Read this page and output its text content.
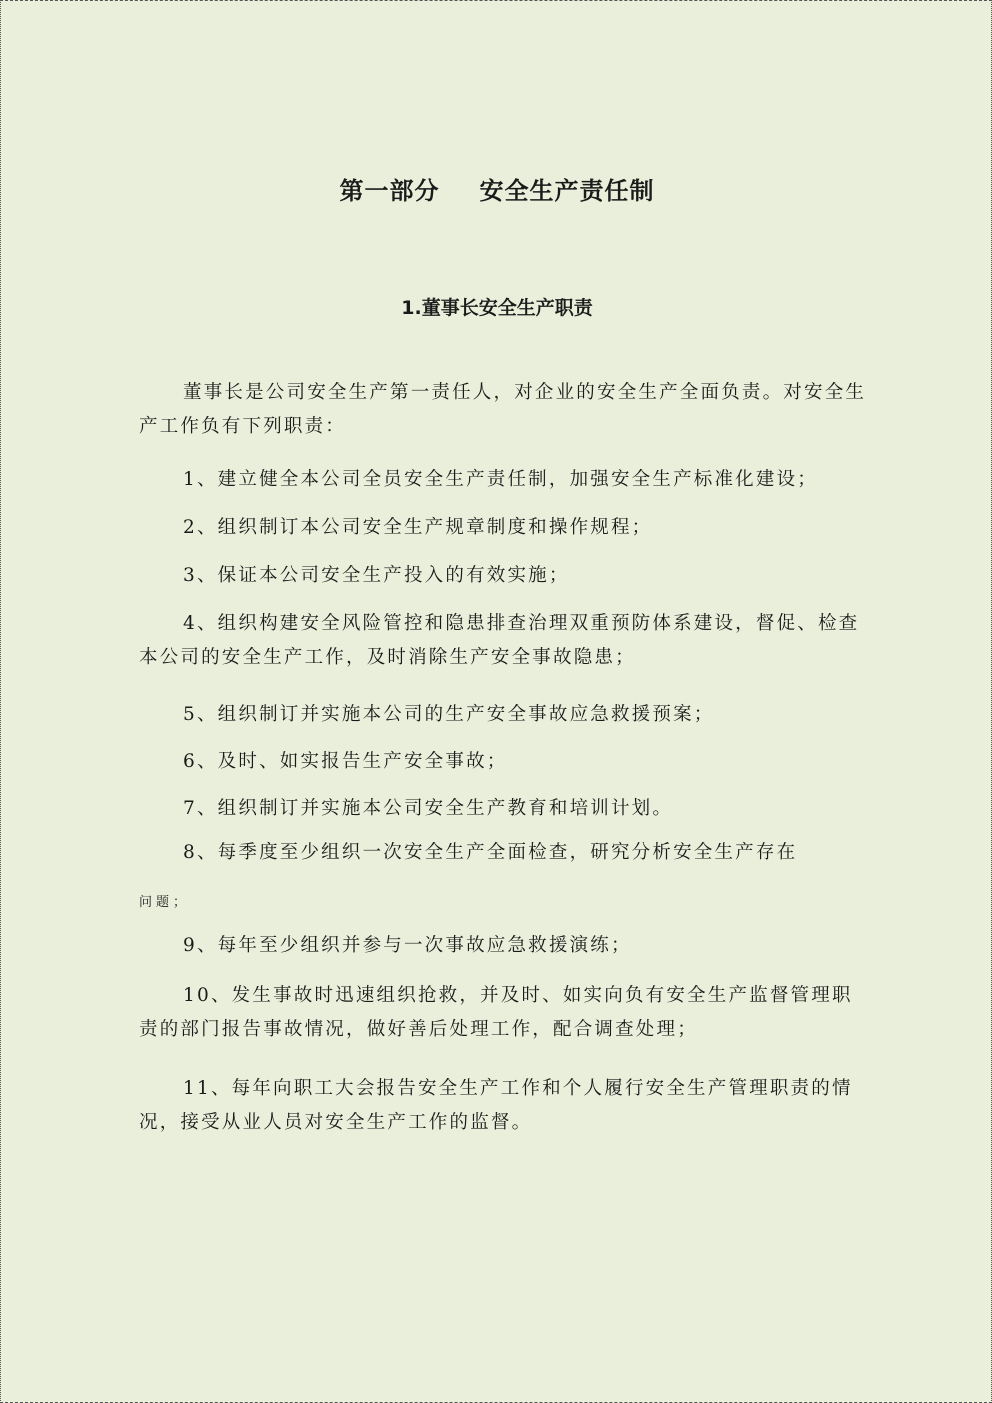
第一部分 安全生产责任制
1.董事长安全生产职责

董事长是公司安全生产第一责任人，对企业的安全生产全面负责。对安全生产工作负有下列职责：

1、建立健全本公司全员安全生产责任制，加强安全生产标准化建设；

2、组织制订本公司安全生产规章制度和操作规程；

3、保证本公司安全生产投入的有效实施；

4、组织构建安全风险管控和隐患排查治理双重预防体系建设，督促、检查本公司的安全生产工作，及时消除生产安全事故隐患；

5、组织制订并实施本公司的生产安全事故应急救援预案；

6、及时、如实报告生产安全事故；

7、组织制订并实施本公司安全生产教育和培训计划。

8、每季度至少组织一次安全生产全面检查，研究分析安全生产存在

问题；

9、每年至少组织并参与一次事故应急救援演练；

10、发生事故时迅速组织抢救，并及时、如实向负有安全生产监督管理职责的部门报告事故情况，做好善后处理工作，配合调查处理；

11、每年向职工大会报告安全生产工作和个人履行安全生产管理职责的情况，接受从业人员对安全生产工作的监督。
